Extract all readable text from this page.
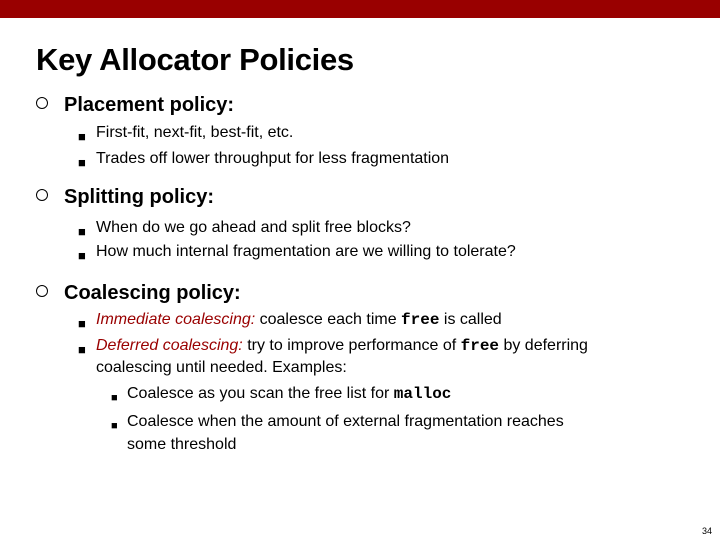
Key Allocator Policies
Placement policy:
■ First-fit, next-fit, best-fit, etc.
■ Trades off lower throughput for less fragmentation
Splitting policy:
■ When do we go ahead and split free blocks?
■ How much internal fragmentation are we willing to tolerate?
Coalescing policy:
■ Immediate coalescing: coalesce each time free is called
■ Deferred coalescing: try to improve performance of free by deferring
coalescing until needed. Examples:
■ Coalesce as you scan the free list for malloc
■ Coalesce when the amount of external fragmentation reaches
some threshold
34
